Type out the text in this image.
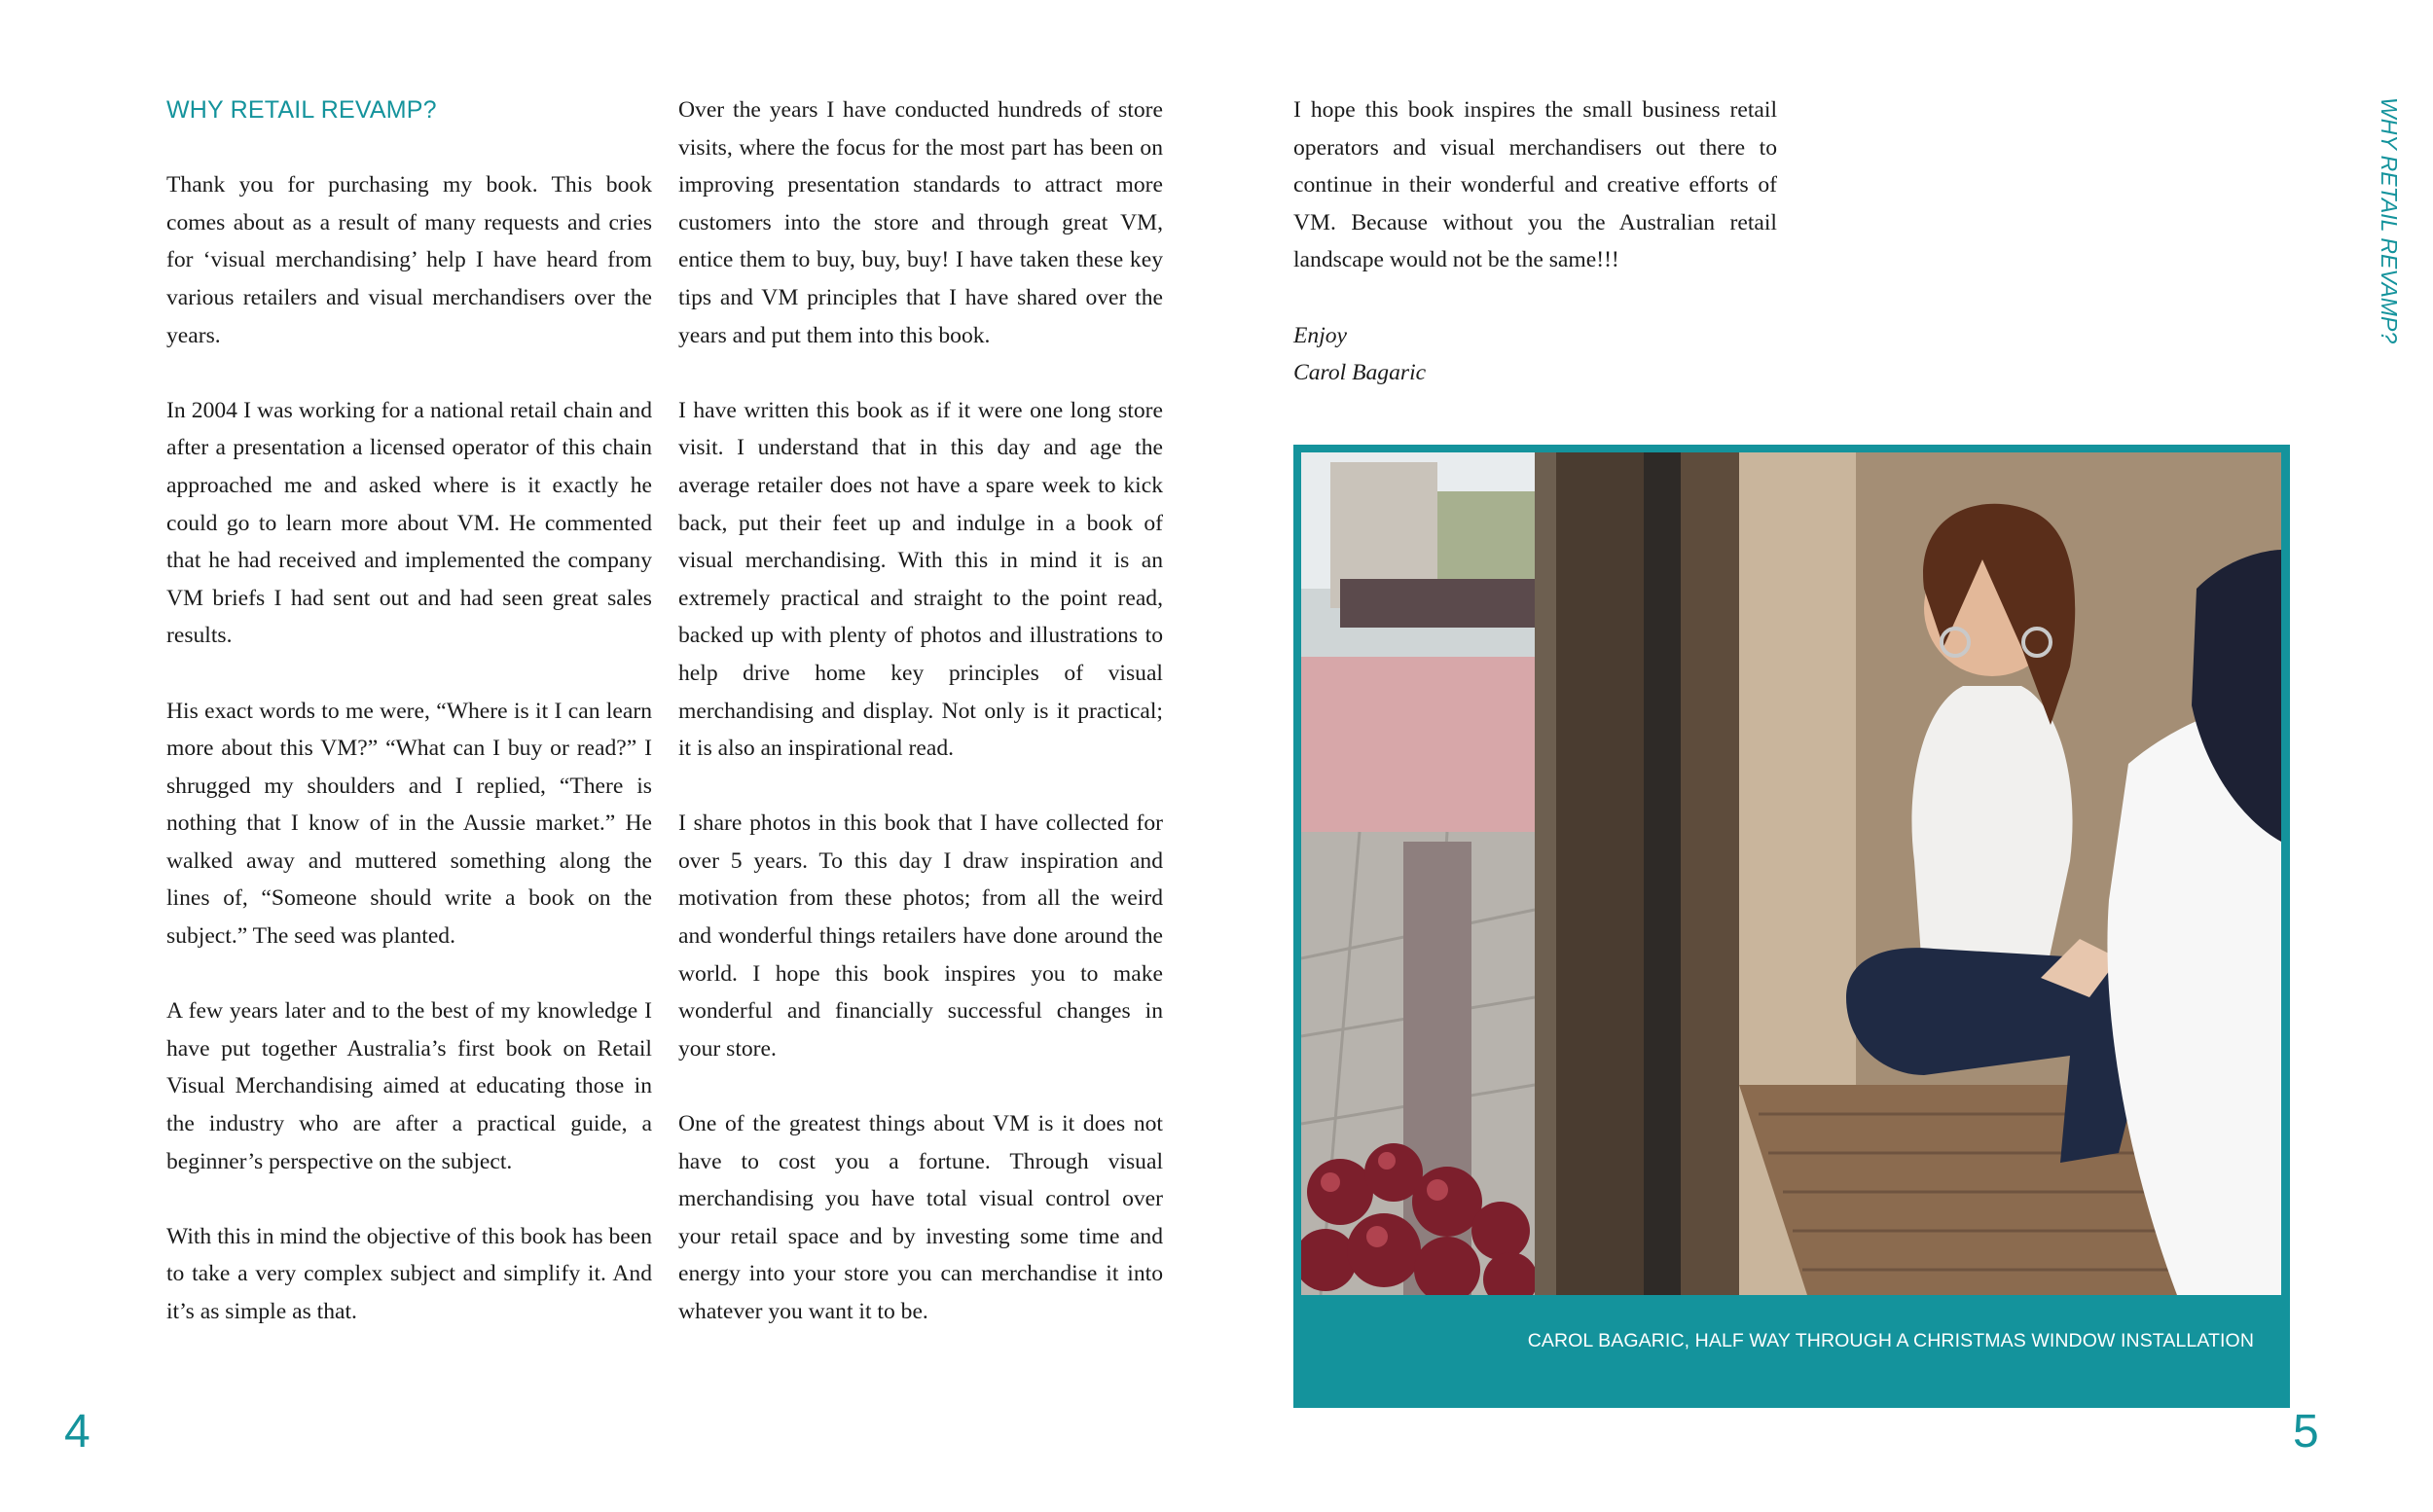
WHY RETAIL REVAMP?

Thank you for purchasing my book. This book comes about as a result of many requests and cries for ‘visual merchandising’ help I have heard from various retailers and visual merchandisers over the years.

In 2004 I was working for a national retail chain and after a presentation a licensed operator of this chain approached me and asked where is it exactly he could go to learn more about VM. He commented that he had received and implemented the company VM briefs I had sent out and had seen great sales results.

His exact words to me were, “Where is it I can learn more about this VM?” “What can I buy or read?” I shrugged my shoulders and I replied, “There is nothing that I know of in the Aussie market.” He walked away and muttered something along the lines of, “Someone should write a book on the subject.” The seed was planted.

A few years later and to the best of my knowledge I have put together Australia’s first book on Retail Visual Merchandising aimed at educating those in the industry who are after a practical guide, a beginner’s perspective on the subject.

With this in mind the objective of this book has been to take a very complex subject and simplify it. And it’s as simple as that.

Over the years I have conducted hundreds of store visits, where the focus for the most part has been on improving presentation standards to attract more customers into the store and through great VM, entice them to buy, buy, buy! I have taken these key tips and VM principles that I have shared over the years and put them into this book.

I have written this book as if it were one long store visit. I understand that in this day and age the average retailer does not have a spare week to kick back, put their feet up and indulge in a book of visual merchandising. With this in mind it is an extremely practical and straight to the point read, backed up with plenty of photos and illustrations to help drive home key principles of visual merchandising and display. Not only is it practical; it is also an inspirational read.

I share photos in this book that I have collected for over 5 years. To this day I draw inspiration and motivation from these photos; from all the weird and wonderful things retailers have done around the world. I hope this book inspires you to make wonderful and financially successful changes in your store.

One of the greatest things about VM is it does not have to cost you a fortune. Through visual merchandising you have total visual control over your retail space and by investing some time and energy into your store you can merchandise it into whatever you want it to be.

I hope this book inspires the small business retail operators and visual merchandisers out there to continue in their wonderful and creative efforts of VM. Because without you the Australian retail landscape would not be the same!!!

Enjoy
Carol Bagaric
CAROL BAGARIC, HALF WAY THROUGH A CHRISTMAS WINDOW INSTALLATION
WHY RETAIL REVAMP?
4	5
